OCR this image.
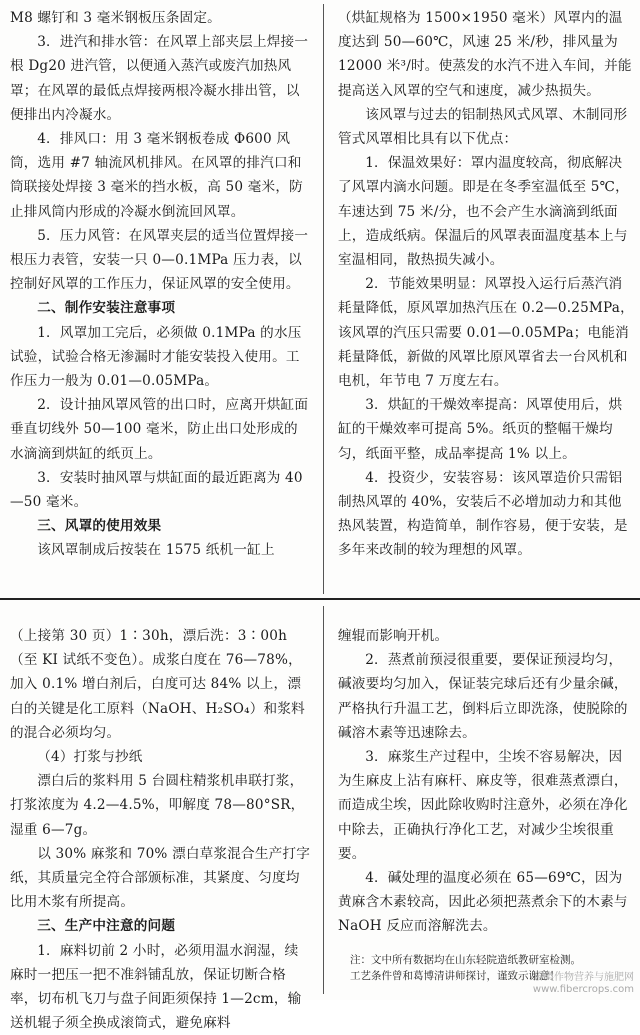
M8 螺钉和 3 毫米钢板压条固定。

3．进汽和排水管：在风罩上部夹层上焊接一根 Dg20 进汽管，以便通入蒸汽或废汽加热风罩；在风罩的最低点焊接两根冷凝水排出管，以便排出内冷凝水。

4．排风口：用 3 毫米钢板卷成 Φ600 风筒，选用 #7 轴流风机排风。在风罩的排汽口和筒联接处焊接 3 毫米的挡水板，高 50 毫米，防止排风筒内形成的冷凝水倒流回风罩。

5．压力风管：在风罩夹层的适当位置焊接一根压力表管，安装一只 0—0.1MPa 压力表，以控制好风罩的工作压力，保证风罩的安全使用。

二、制作安装注意事项

1．风罩加工完后，必须做 0.1MPa 的水压试验，试验合格无渗漏时才能安装投入使用。工作压力一般为 0.01—0.05MPa。

2．设计抽风罩风管的出口时，应离开烘缸面垂直切线外 50—100 毫米，防止出口处形成的水滴滴到烘缸的纸页上。

3．安装时抽风罩与烘缸面的最近距离为 40—50 毫米。

三、风罩的使用效果

该风罩制成后按装在 1575 纸机一缸上

（烘缸规格为 1500×1950 毫米）风罩内的温度达到 50—60℃，风速 25 米/秒，排风量为 12000 米³/时。使蒸发的水汽不进入车间，并能提高送入风罩的空气和速度，减少热损失。

该风罩与过去的铝制热风式风罩、木制同形管式风罩相比具有以下优点：

1．保温效果好：罩内温度较高，彻底解决了风罩内滴水问题。即是在冬季室温低至 5℃，车速达到 75 米/分，也不会产生水滴滴到纸面上，造成纸病。保温后的风罩表面温度基本上与室温相同，散热损失减小。

2．节能效果明显：风罩投入运行后蒸汽消耗量降低，原风罩加热汽压在 0.2—0.25MPa，该风罩的汽压只需要 0.01—0.05MPa；电能消耗量降低，新做的风罩比原风罩省去一台风机和电机，年节电 7 万度左右。

3．烘缸的干燥效率提高：风罩使用后，烘缸的干燥效率可提高 5%。纸页的整幅干燥均匀，纸面平整，成品率提高 1% 以上。

4．投资少，安装容易：该风罩造价只需铝制热风罩的 40%，安装后不必增加动力和其他热风装置，构造简单，制作容易，便于安装，是多年来改制的较为理想的风罩。

（上接第 30 页）1∶30h，漂后洗：3∶00h（至 KI 试纸不变色）。成浆白度在 76—78%，加入 0.1% 增白剂后，白度可达 84% 以上，漂白的关键是化工原料（NaOH、H₂SO₄）和浆料的混合必须均匀。

（4）打浆与抄纸

漂白后的浆料用 5 台圆柱精浆机串联打浆，打浆浓度为 4.2—4.5%，叩解度 78—80°SR，湿重 6—7g。

以 30% 麻浆和 70% 漂白草浆混合生产打字纸，其质量完全符合部颁标准，其紧度、匀度均比用木浆有所提高。

三、生产中注意的问题

1．麻料切前 2 小时，必须用温水润湿，续麻时一把压一把不准斜铺乱放，保证切断合格率，切布机飞刀与盘子间距须保持 1—2cm，输送机辊子须全换成滚筒式，避免麻料

缠辊而影响开机。

2．蒸煮前预浸很重要，要保证预浸均匀，碱液要均匀加入，保证装完球后还有少量余碱，严格执行升温工艺，倒料后立即洗涤，使脱除的碱溶木素等迅速除去。

3．麻浆生产过程中，尘埃不容易解决，因为生麻皮上沾有麻杆、麻皮等，很难蒸煮漂白，而造成尘埃，因此除收购时注意外，必须在净化中除去，正确执行净化工艺，对减少尘埃很重要。

4．碱处理的温度必须在 65—69℃，因为黄麻含木素较高，因此必须把蒸煮余下的木素与 NaOH 反应而溶解洗去。

注：文中所有数据均在山东轻院造纸教研室检测。

工艺条件曾和葛博清讲师探讨，谨致示谢意！

麻类作物营养与施肥网
www.fibercrops.com
